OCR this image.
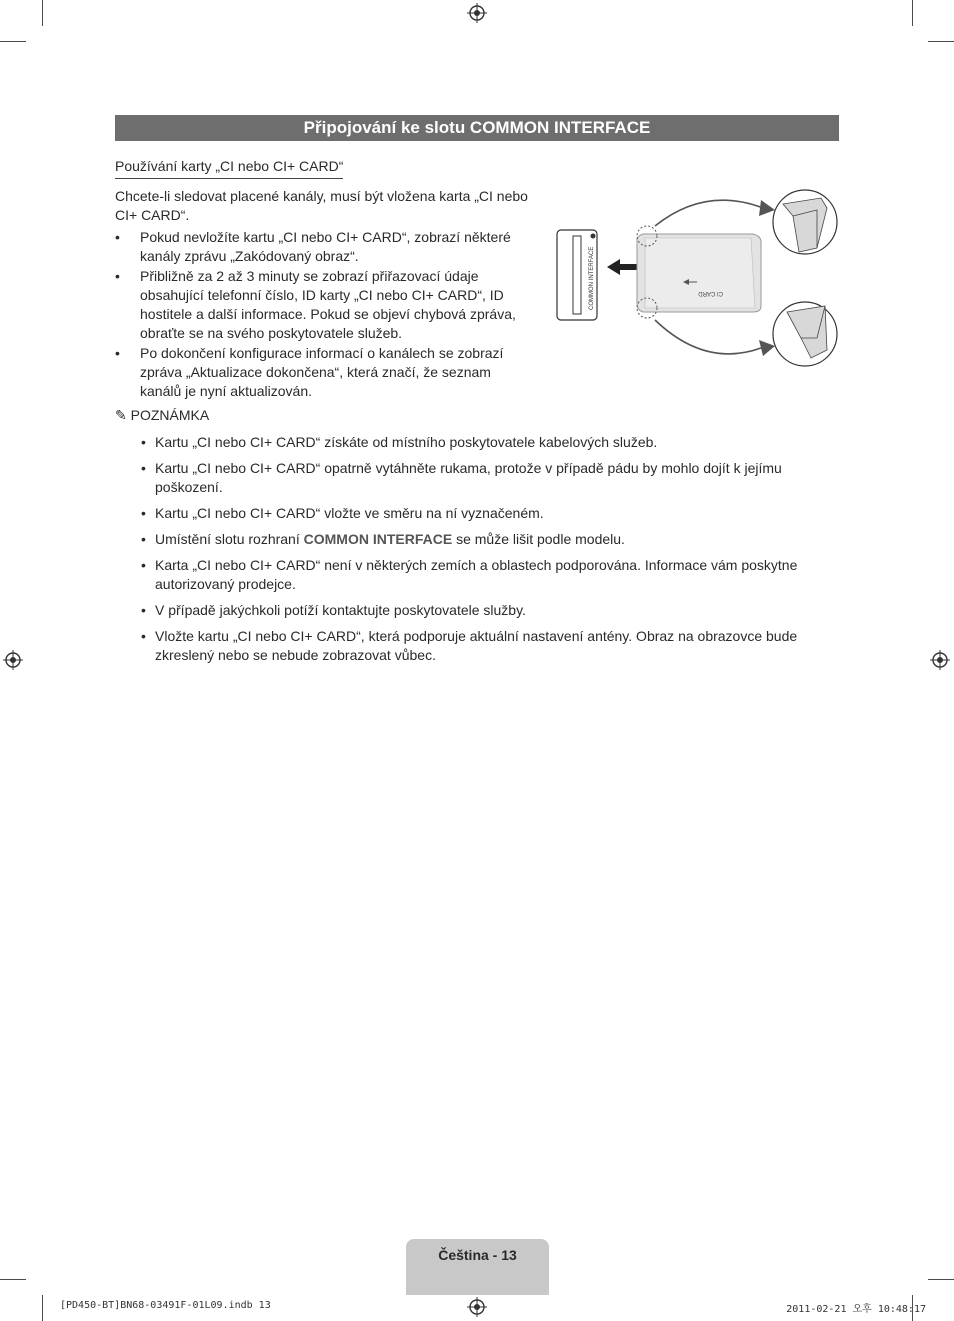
Připojování ke slotu COMMON INTERFACE
Používání karty „CI nebo CI+ CARD“
Chcete-li sledovat placené kanály, musí být vložena karta „CI nebo CI+ CARD“.
• Pokud nevložíte kartu „CI nebo CI+ CARD“, zobrazí některé kanály zprávu „Zakódovaný obraz“.
• Přibližně za 2 až 3 minuty se zobrazí přiřazovací údaje obsahující telefonní číslo, ID karty „CI nebo CI+ CARD“, ID hostitele a další informace. Pokud se objeví chybová zpráva, obraťte se na svého poskytovatele služeb.
• Po dokončení konfigurace informací o kanálech se zobrazí zpráva „Aktualizace dokončena“, která značí, že seznam kanálů je nyní aktualizován.
COMMON INTERFACE	CI CARD
✎ POZNÁMKA
• Kartu „CI nebo CI+ CARD“ získáte od místního poskytovatele kabelových služeb.
• Kartu „CI nebo CI+ CARD“ opatrně vytáhněte rukama, protože v případě pádu by mohlo dojít k jejímu poškození.
• Kartu „CI nebo CI+ CARD“ vložte ve směru na ní vyznačeném.
• Umístění slotu rozhraní COMMON INTERFACE se může lišit podle modelu.
• Karta „CI nebo CI+ CARD“ není v některých zemích a oblastech podporována. Informace vám poskytne autorizovaný prodejce.
• V případě jakýchkoli potíží kontaktujte poskytovatele služby.
• Vložte kartu „CI nebo CI+ CARD“, která podporuje aktuální nastavení antény. Obraz na obrazovce bude zkreslený nebo se nebude zobrazovat vůbec.
Čeština - 13
[PD450-BT]BN68-03491F-01L09.indb 13	2011-02-21 오후 10:48:17
